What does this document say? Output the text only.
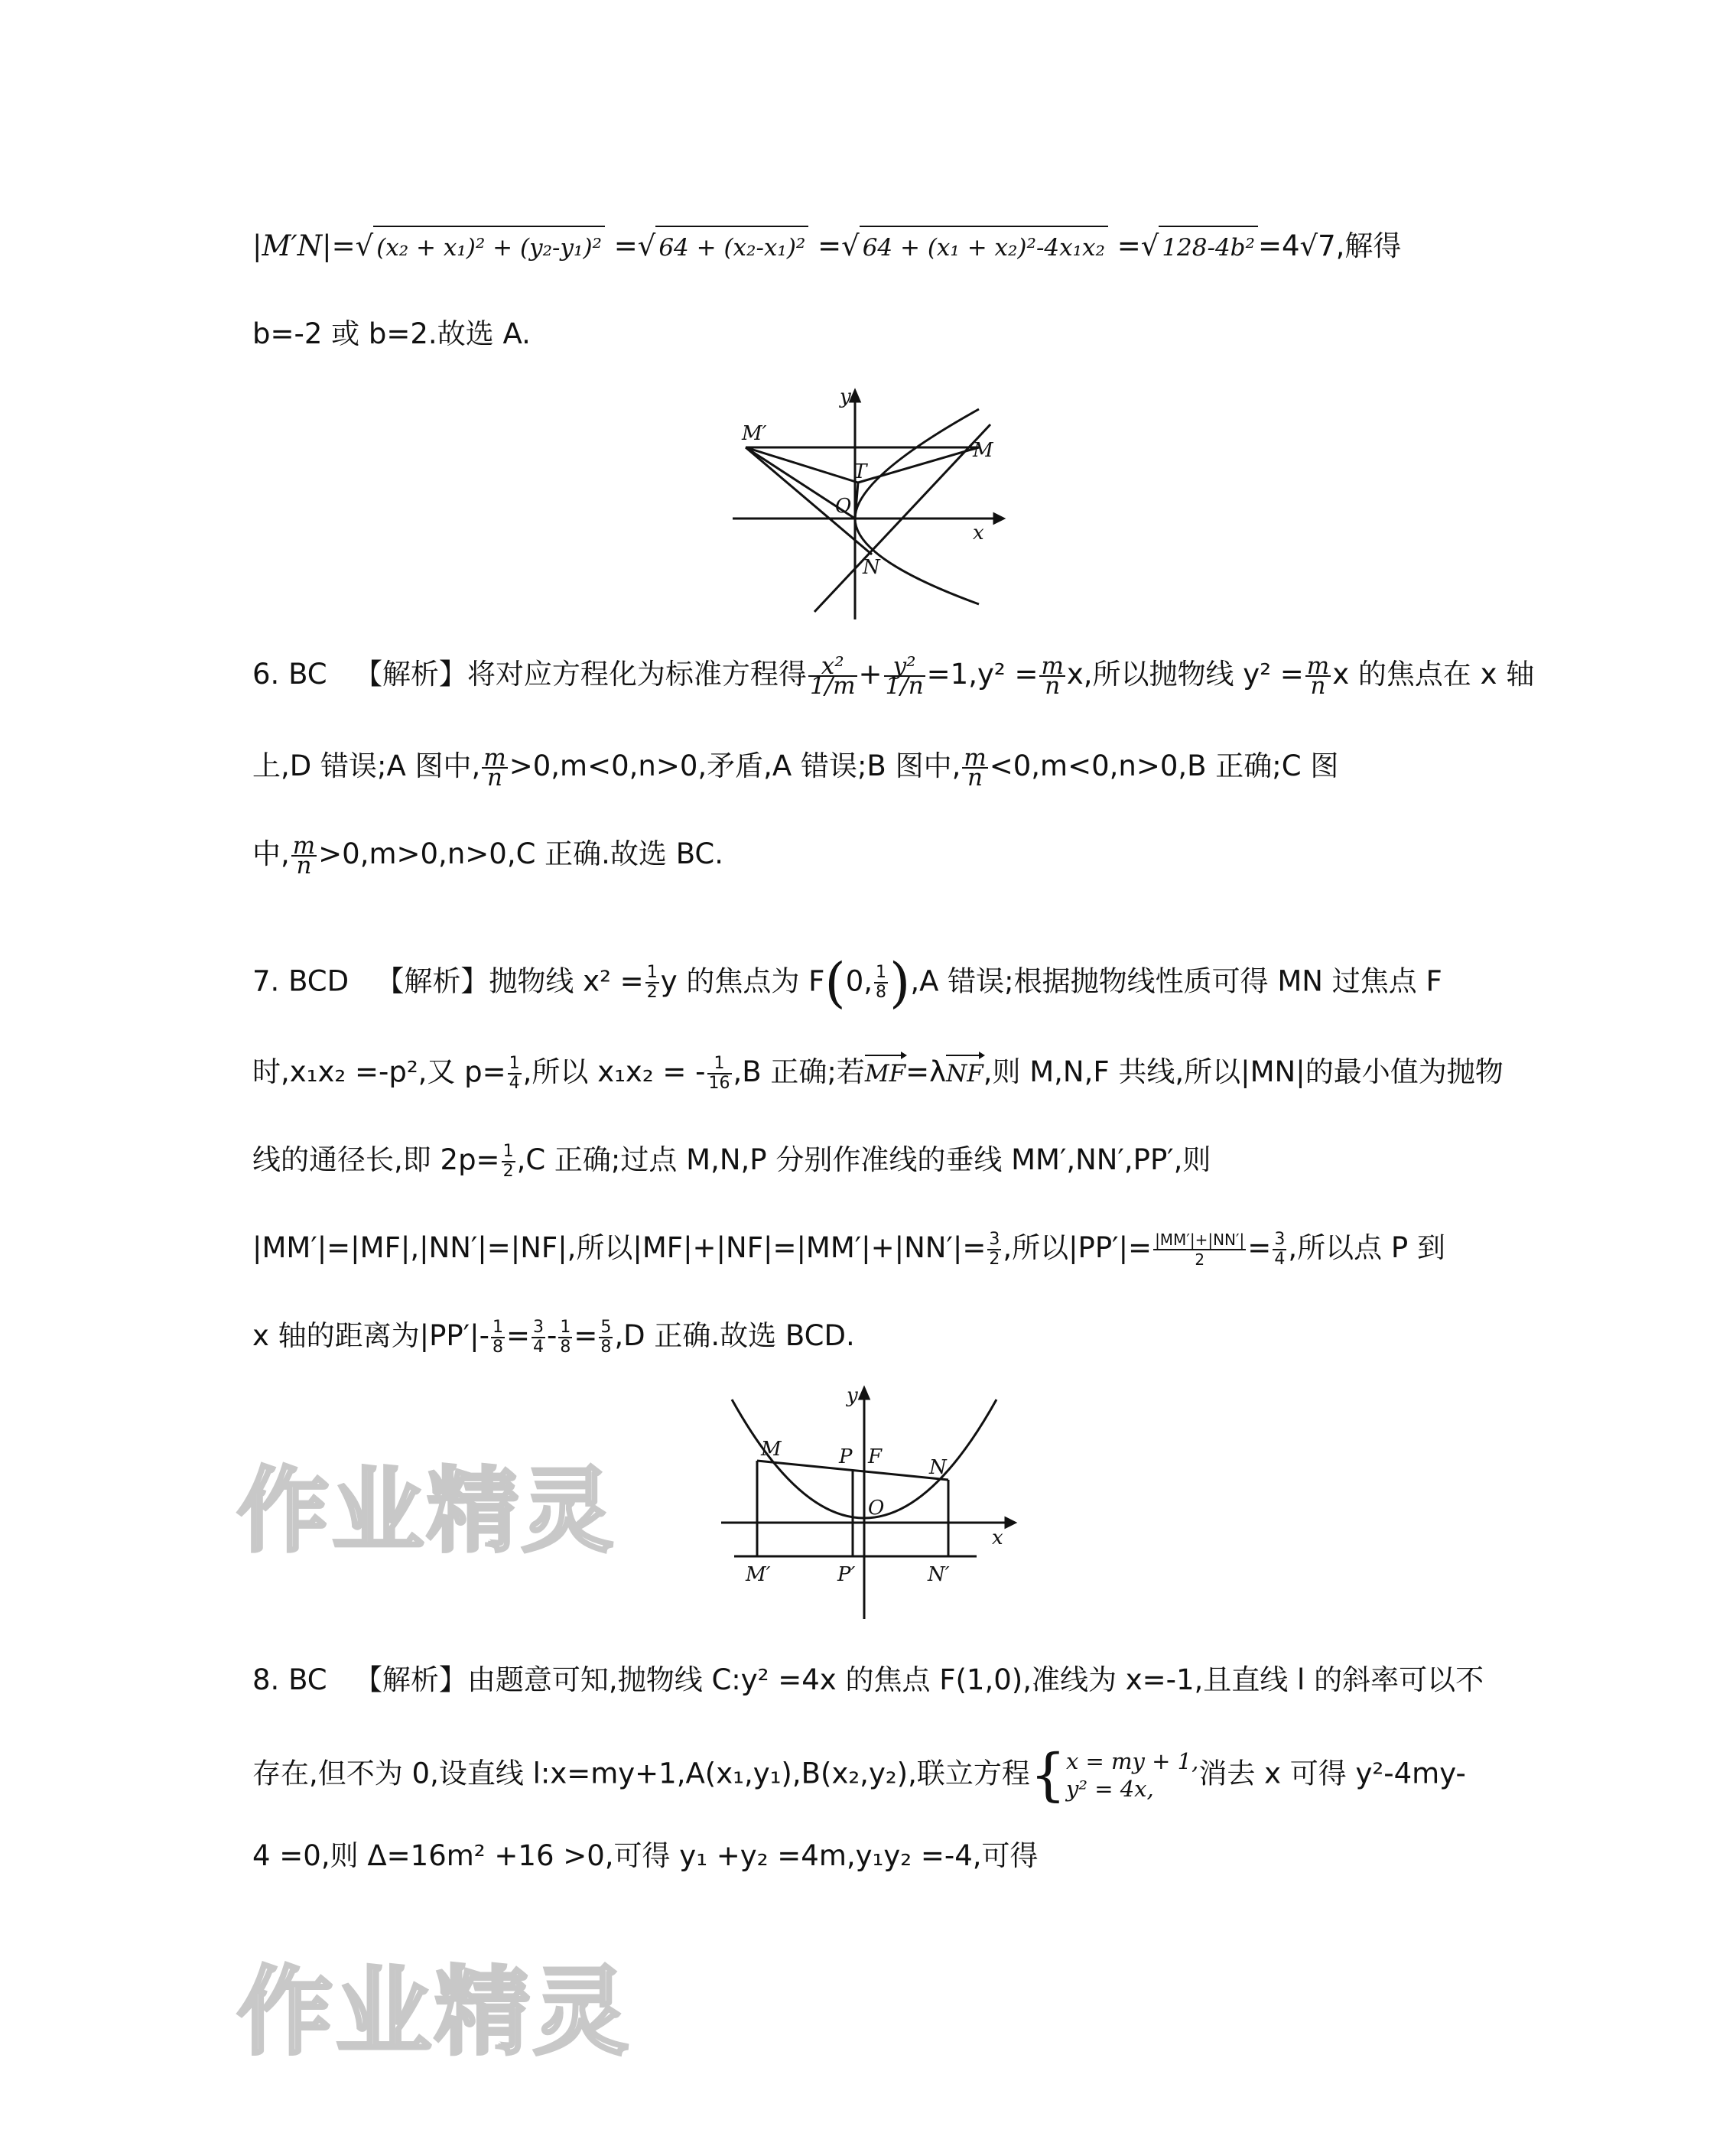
作业精灵
作业精灵
|M′N|=√ (x₂ + x₁)² + (y₂-y₁)² =√ 64 + (x₂-x₁)² =√ 64 + (x₁ + x₂)²-4x₁x₂ =√ 128-4b² =4√7,解得
b=-2 或 b=2.故选 A.
y
M′
M
T
O
N
x
6. BC 【解析】将对应方程化为标准方程得 $\frac{\text{x²}}{1/m} + \frac{\text{y²}}{1/n} =1,y^2 = \frac{m}{n} x$,所以抛物线 $y^2 = \frac{m}{n}$ x 的焦点在 x 轴
上,D 错误;A 图中, $\frac{m}{n} >0,m<0,n>0$,矛盾,A 错误;B 图中, $\frac{m}{n} <0,m<0,n>0,B$ 正确;C 图
中, $\frac{m}{n} >0,m>0,n>0,C$ 正确.故选 BC.
7. BCD 【解析】抛物线 $x^2 = \frac{1}{2}$ y 的焦点为 F(0, $\frac{1}{8} ),A$ 错误;根据抛物线性质可得 MN 过焦点 F
时,x₁x₂ =-p²,又 $p= \frac{1}{4}$ ,所以 x₁x₂ = - $\frac{1}{16} ,B$ 正确;若MF=λNF,则 M,N,F 共线,所以|MN|的最小值为抛物
线的通径长,即 $2p= \frac{1}{2} ,C$ 正确;过点 M,N,P 分别作准线的垂线 MM′,NN′,PP′,则
|MM′|=|MF|,|NN′|=|NF|,所以$|MF|+|NF|=|MM'|+|NN'|= \frac{3}{2}$ ,所以$|PP'|= \frac{|MM'|+|NN'|}{2} = \frac{3}{4}$ ,所以点 P 到
x 轴的距离为$|PP'|- \frac{1}{8} = \frac{3}{4} - \frac{1}{8} = \frac{5}{8} ,D$ 正确.故选 BCD.
y
M	P F N
O
x
M′	P′	N′
8. BC 【解析】由题意可知,抛物线 C:y² =4x 的焦点 F(1,0),准线为 x=-1,且直线 l 的斜率可以不
存在,但不为 0,设直线 l:x=my+1,A(x₁,y₁),B(x₂,y₂),联立方程{ x = my + 1,
y² = 4x,	消去 x 可得 y²-4my-
4 =0,则 Δ=16m² +16 >0,可得 y₁ +y₂ =4m,y₁y₂ =-4,可得
